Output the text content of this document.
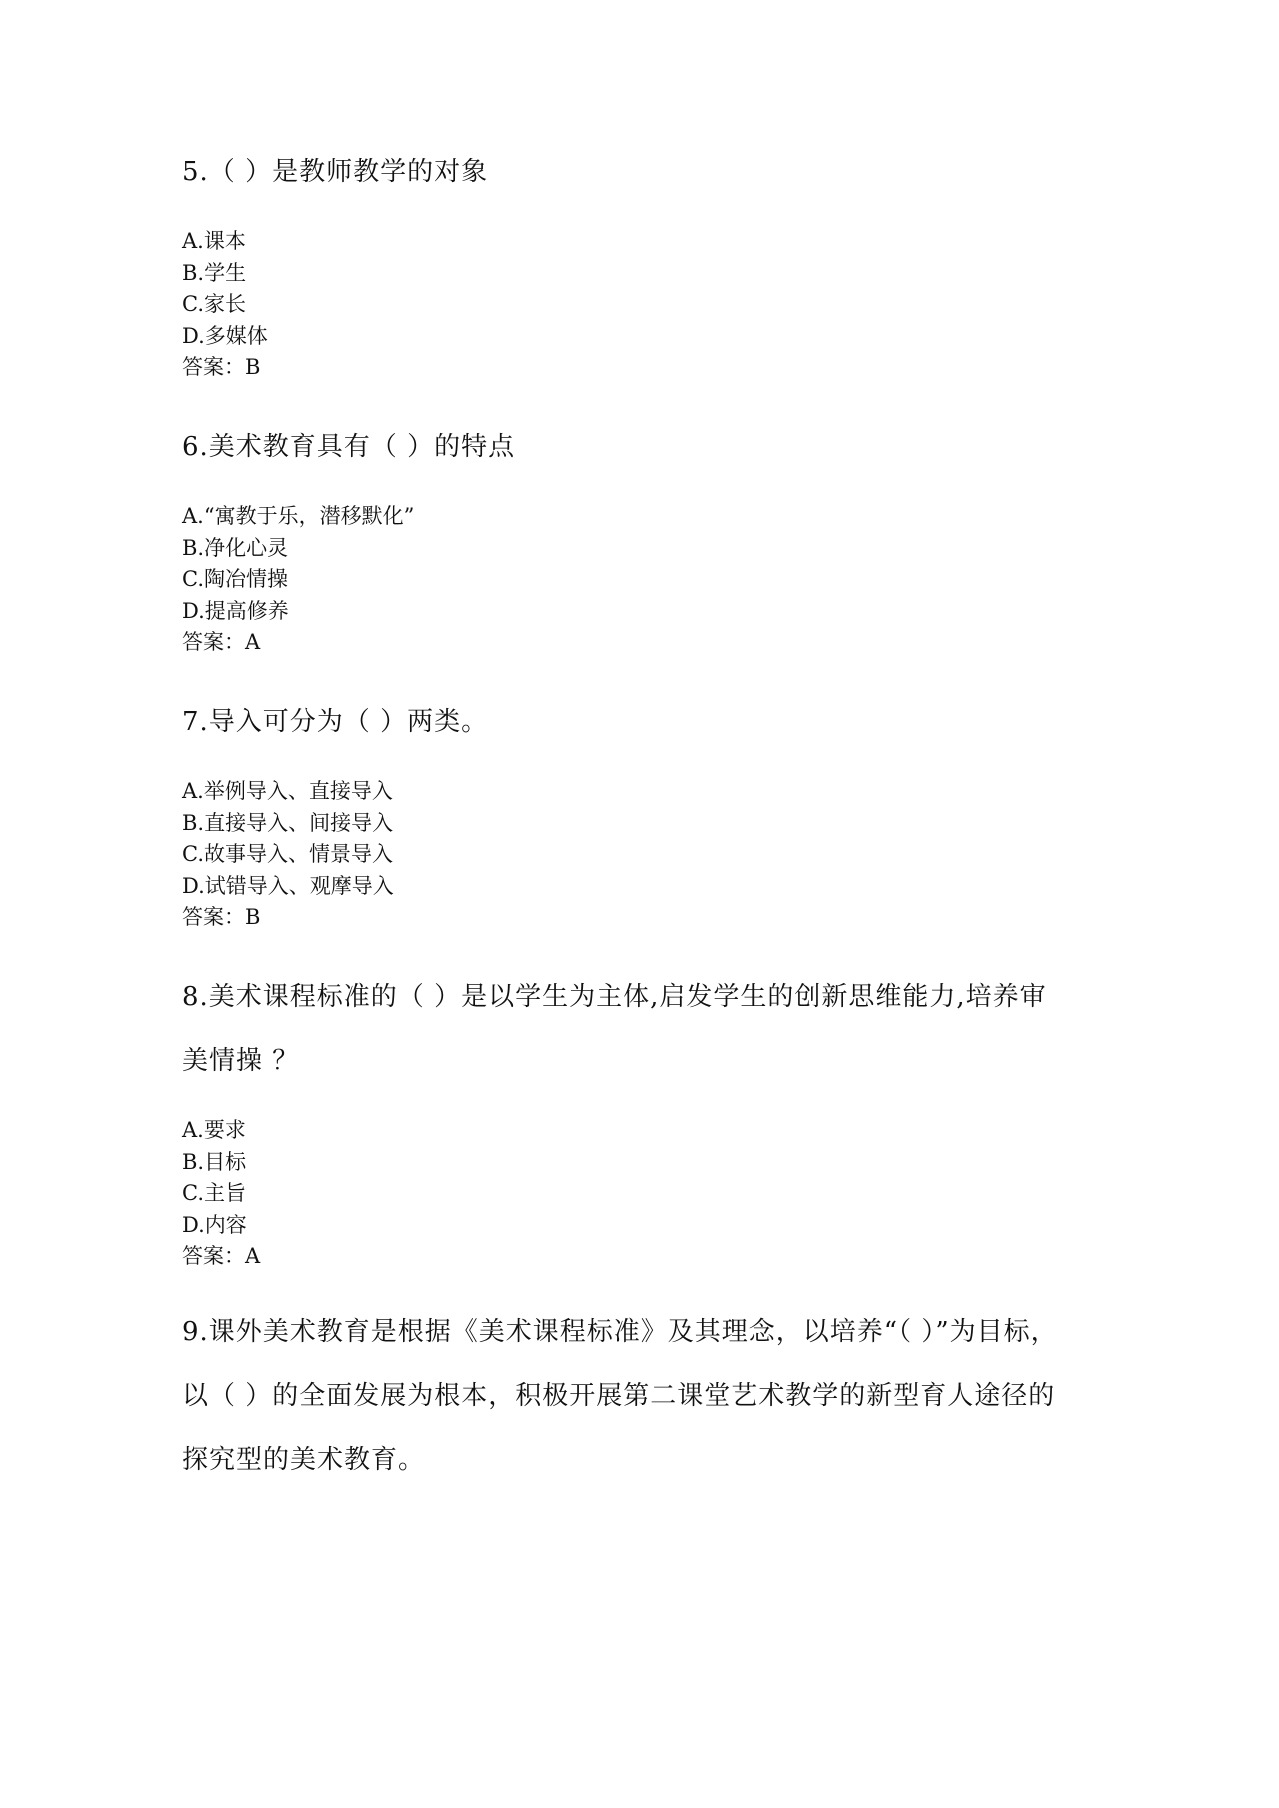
5.（ ）是教师教学的对象

A.课本
B.学生
C.家长
D.多媒体
答案：B

6.美术教育具有（ ）的特点

A.“寓教于乐，潜移默化”
B.净化心灵
C.陶冶情操
D.提高修养
答案：A

7.导入可分为（ ）两类。

A.举例导入、直接导入
B.直接导入、间接导入
C.故事导入、情景导入
D.试错导入、观摩导入
答案：B

8.美术课程标准的（ ）是以学生为主体,启发学生的创新思维能力,培养审美情操 ？

A.要求
B.目标
C.主旨
D.内容
答案：A

9.课外美术教育是根据《美术课程标准》及其理念，以培养“（ ）”为目标，以（ ）的全面发展为根本，积极开展第二课堂艺术教学的新型育人途径的探究型的美术教育。
